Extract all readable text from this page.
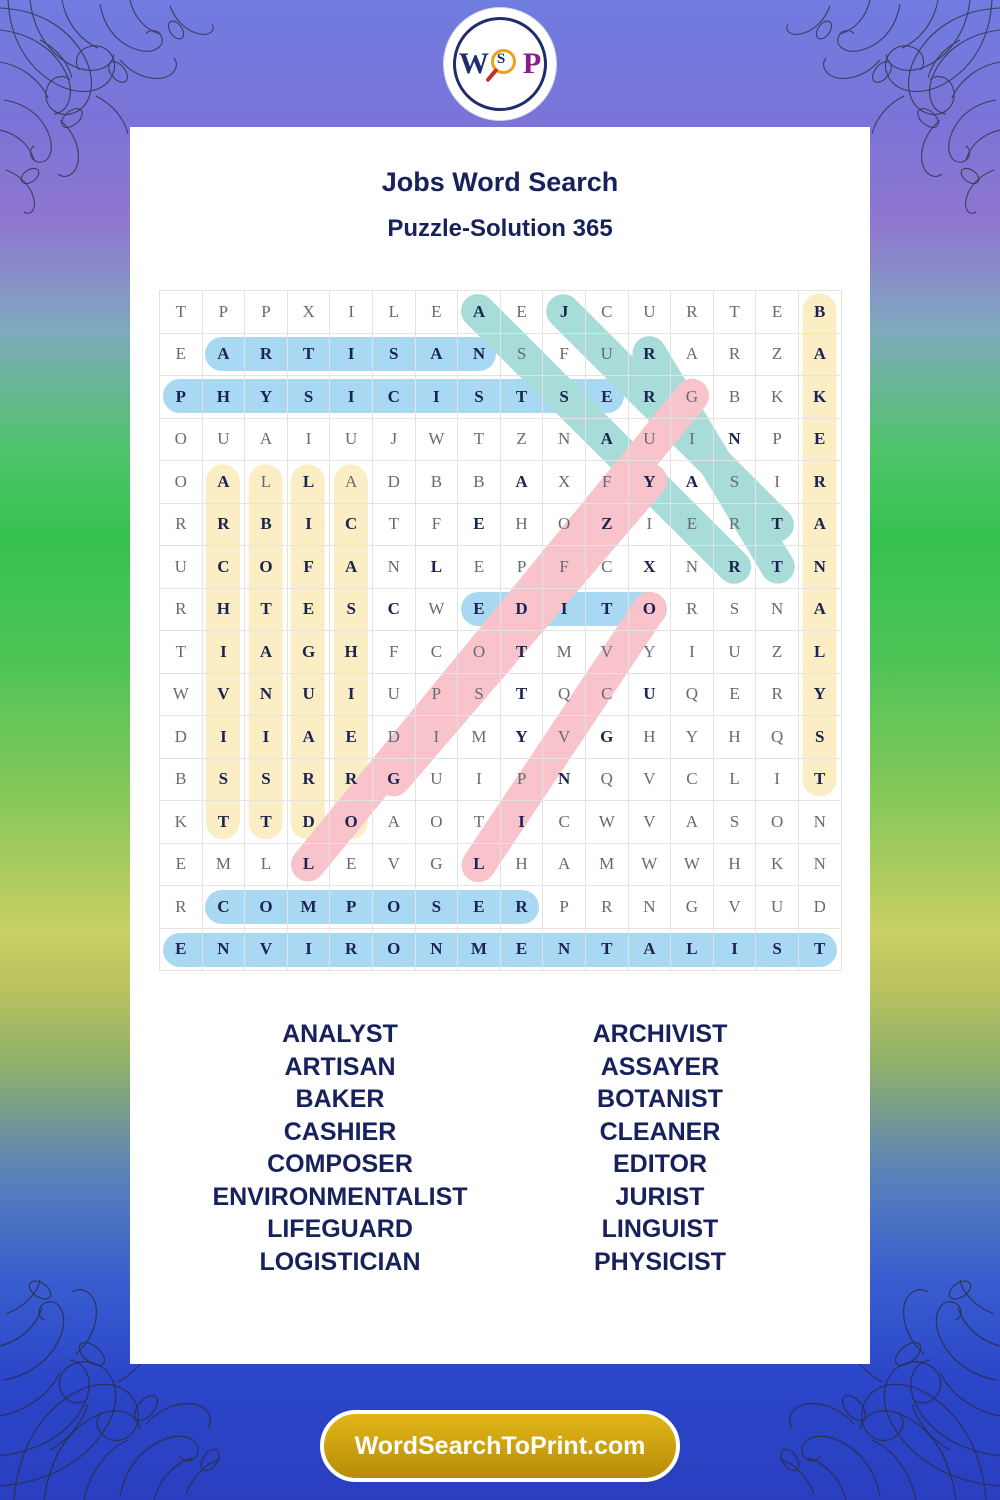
W S P
Jobs Word Search
Puzzle-Solution 365
T	P	P	X	I	L	E	A	E	J	C	U	R	T	E	B
E	A	R	T	I	S	A	N	S	F	U	R	A	R	Z	A
P	H	Y	S	I	C	I	S	T	S	E	R	G	B	K	K
O	U	A	I	U	J	W	T	Z	N	A	U	I	N	P	E
O	A	L	L	A	D	B	B	A	X	F	Y	A	S	I	R
R	R	B	I	C	T	F	E	H	O	Z	I	E	R	T	A
U	C	O	F	A	N	L	E	P	F	C	X	N	R	T	N
R	H	T	E	S	C	W	E	D	I	T	O	R	S	N	A
T	I	A	G	H	F	C	O	T	M	V	Y	I	U	Z	L
W	V	N	U	I	U	P	S	T	Q	C	U	Q	E	R	Y
D	I	I	A	E	D	I	M	Y	V	G	H	Y	H	Q	S
B	S	S	R	R	G	U	I	P	N	Q	V	C	L	I	T
K	T	T	D	O	A	O	T	I	C	W	V	A	S	O	N
E	M	L	L	E	V	G	L	H	A	M	W	W	H	K	N
R	C	O	M	P	O	S	E	R	P	R	N	G	V	U	D
E	N	V	I	R	O	N	M	E	N	T	A	L	I	S	T
ANALYST
ARTISAN
BAKER
CASHIER
COMPOSER
ENVIRONMENTALIST
LIFEGUARD
LOGISTICIAN
ARCHIVIST
ASSAYER
BOTANIST
CLEANER
EDITOR
JURIST
LINGUIST
PHYSICIST
WordSearchToPrint.com
